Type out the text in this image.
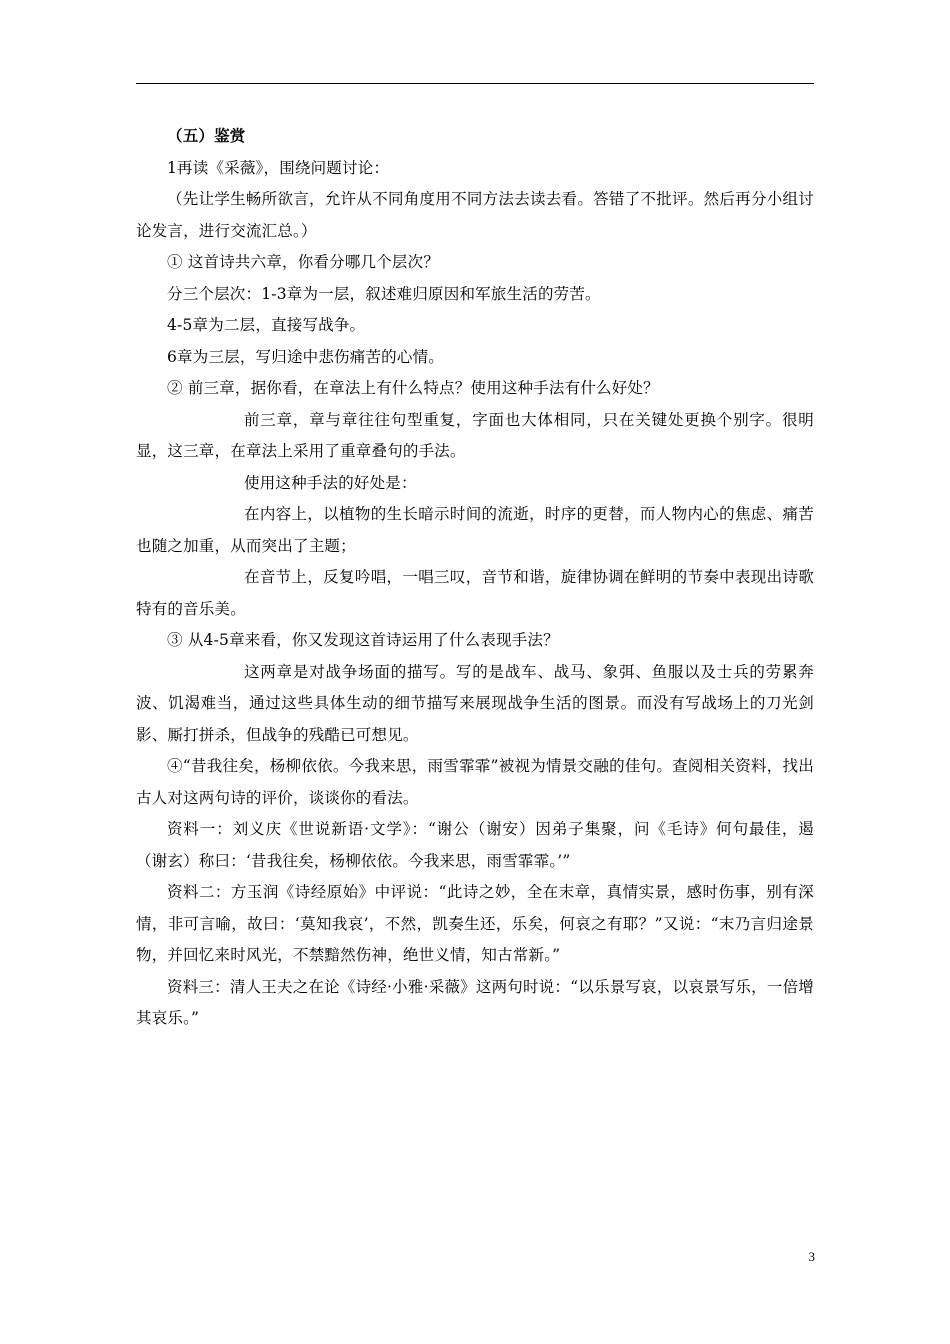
（五）鉴赏

1再读《采薇》，围绕问题讨论：

（先让学生畅所欲言，允许从不同角度用不同方法去读去看。答错了不批评。然后再分小组讨论发言，进行交流汇总。）

① 这首诗共六章，你看分哪几个层次？

分三个层次：1-3章为一层，叙述难归原因和军旅生活的劳苦。

4-5章为二层，直接写战争。

6章为三层，写归途中悲伤痛苦的心情。

② 前三章，据你看，在章法上有什么特点？使用这种手法有什么好处？

前三章，章与章往往句型重复，字面也大体相同，只在关键处更换个别字。很明显，这三章，在章法上采用了重章叠句的手法。

使用这种手法的好处是：

在内容上，以植物的生长暗示时间的流逝，时序的更替，而人物内心的焦虑、痛苦也随之加重，从而突出了主题；

在音节上，反复吟唱，一唱三叹，音节和谐，旋律协调在鲜明的节奏中表现出诗歌特有的音乐美。

③ 从4-5章来看，你又发现这首诗运用了什么表现手法？

这两章是对战争场面的描写。写的是战车、战马、象弭、鱼服以及士兵的劳累奔波、饥渴难当，通过这些具体生动的细节描写来展现战争生活的图景。而没有写战场上的刀光剑影、厮打拼杀，但战争的残酷已可想见。

④“昔我往矣，杨柳依依。今我来思，雨雪霏霏”被视为情景交融的佳句。查阅相关资料，找出古人对这两句诗的评价，谈谈你的看法。

资料一：刘义庆《世说新语·文学》：“谢公（谢安）因弟子集聚，问《毛诗》何句最佳，遏（谢玄）称曰：‘昔我往矣，杨柳依依。今我来思，雨雪霏霏。’”

资料二：方玉润《诗经原始》中评说：“此诗之妙，全在末章，真情实景，感时伤事，别有深情，非可言喻，故曰：‘莫知我哀’，不然，凯奏生还，乐矣，何哀之有耶？”又说：“末乃言归途景物，并回忆来时风光，不禁黯然伤神，绝世义情，知古常新。”

资料三：清人王夫之在论《诗经·小雅·采薇》这两句时说：“以乐景写哀，以哀景写乐，一倍增其哀乐。”

3
